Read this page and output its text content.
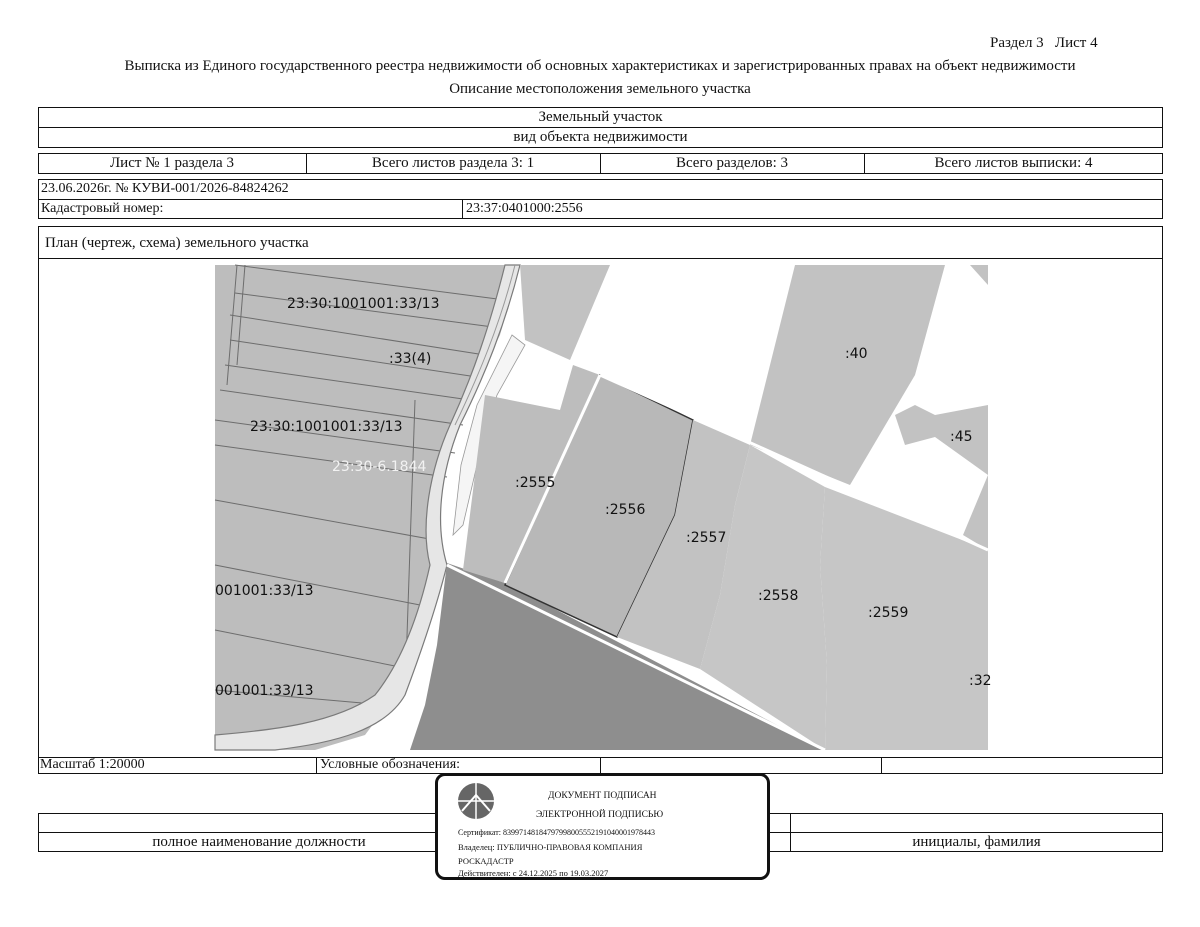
Раздел 3   Лист 4
Выписка из Единого государственного реестра недвижимости об основных характеристиках и зарегистрированных правах на объект недвижимости
Описание местоположения земельного участка
Земельный участок
вид объекта недвижимости
Лист № 1 раздела 3	Всего листов раздела 3: 1	Всего разделов: 3	Всего листов выписки: 4
23.06.2026г. № КУВИ-001/2026-84824262
Кадастровый номер:	23:37:0401000:2556
План (чертеж, схема) земельного участка
23:30:1001001:33/13
:33(4)
23:30:1001001:33/13
23:30-6.1844
001001:33/13
001001:33/13
:2555
:2556
:2557
:2558
:2559
:40
:45
:32
Масштаб 1:20000	Условные обозначения:
полное наименование должности	инициалы, фамилия
ДОКУМЕНТ ПОДПИСАН
ЭЛЕКТРОННОЙ ПОДПИСЬЮ
Сертификат: 83997148184797998005552191040001978443
Владелец: ПУБЛИЧНО-ПРАВОВАЯ КОМПАНИЯ
РОСКАДАСТР
Действителен: с 24.12.2025 по 19.03.2027
